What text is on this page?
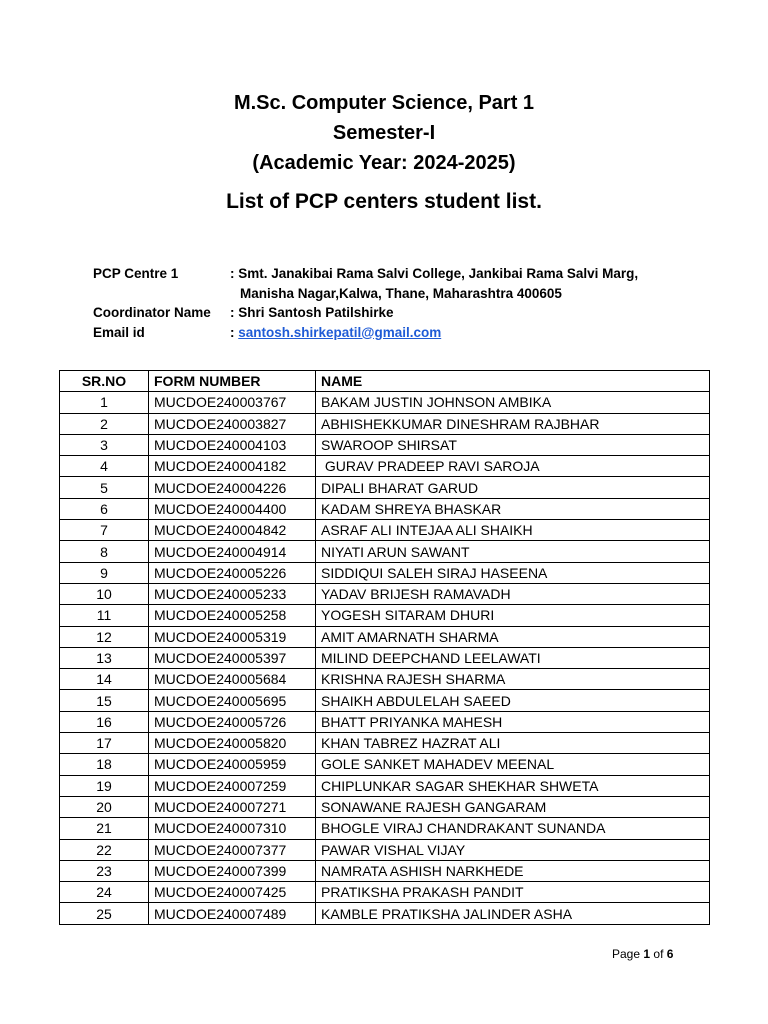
M.Sc. Computer Science, Part 1
Semester-I
(Academic Year: 2024-2025)
List of PCP centers student list.
PCP Centre 1	: Smt. Janakibai Rama Salvi College, Jankibai Rama Salvi Marg,
Manisha Nagar,Kalwa, Thane, Maharashtra 400605
Coordinator Name : Shri Santosh Patilshirke
Email id	: santosh.shirkepatil@gmail.com
SR.NO	FORM NUMBER	NAME
1	MUCDOE240003767	BAKAM JUSTIN JOHNSON AMBIKA
2	MUCDOE240003827	ABHISHEKKUMAR DINESHRAM RAJBHAR
3	MUCDOE240004103	SWAROOP SHIRSAT
4	MUCDOE240004182	GURAV PRADEEP RAVI SAROJA
5	MUCDOE240004226	DIPALI BHARAT GARUD
6	MUCDOE240004400	KADAM SHREYA BHASKAR
7	MUCDOE240004842	ASRAF ALI INTEJAA ALI SHAIKH
8	MUCDOE240004914	NIYATI ARUN SAWANT
9	MUCDOE240005226	SIDDIQUI SALEH SIRAJ HASEENA
10	MUCDOE240005233	YADAV BRIJESH RAMAVADH
11	MUCDOE240005258	YOGESH SITARAM DHURI
12	MUCDOE240005319	AMIT AMARNATH SHARMA
13	MUCDOE240005397	MILIND DEEPCHAND LEELAWATI
14	MUCDOE240005684	KRISHNA RAJESH SHARMA
15	MUCDOE240005695	SHAIKH ABDULELAH SAEED
16	MUCDOE240005726	BHATT PRIYANKA MAHESH
17	MUCDOE240005820	KHAN TABREZ HAZRAT ALI
18	MUCDOE240005959	GOLE SANKET MAHADEV MEENAL
19	MUCDOE240007259	CHIPLUNKAR SAGAR SHEKHAR SHWETA
20	MUCDOE240007271	SONAWANE RAJESH GANGARAM
21	MUCDOE240007310	BHOGLE VIRAJ CHANDRAKANT SUNANDA
22	MUCDOE240007377	PAWAR VISHAL VIJAY
23	MUCDOE240007399	NAMRATA ASHISH NARKHEDE
24	MUCDOE240007425	PRATIKSHA PRAKASH PANDIT
25	MUCDOE240007489	KAMBLE PRATIKSHA JALINDER ASHA
Page 1 of 6
